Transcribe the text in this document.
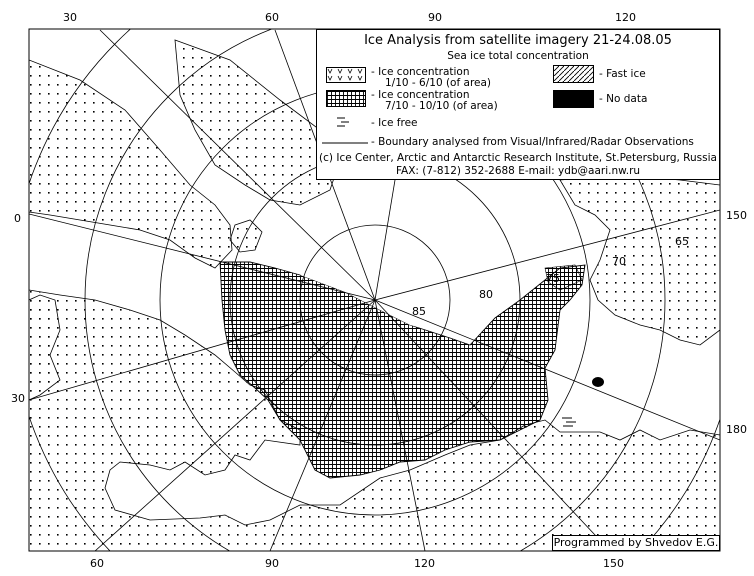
85
80
75
70
65
30	60	90	120
60	90	120	150
0
30
150
180
Ice Analysis from satellite imagery 21-24.08.05
Sea ice total concentration
- Ice concentration
1/10 - 6/10 (of area)
- Ice concentration
7/10 - 10/10 (of area)
- Ice free
- Fast ice
- No data
- Boundary analysed from Visual/Infrared/Radar Observations
(c) Ice Center, Arctic and Antarctic Research Institute, St.Petersburg, Russia
FAX: (7-812) 352-2688 E-mail: ydb@aari.nw.ru
Programmed by Shvedov E.G.
